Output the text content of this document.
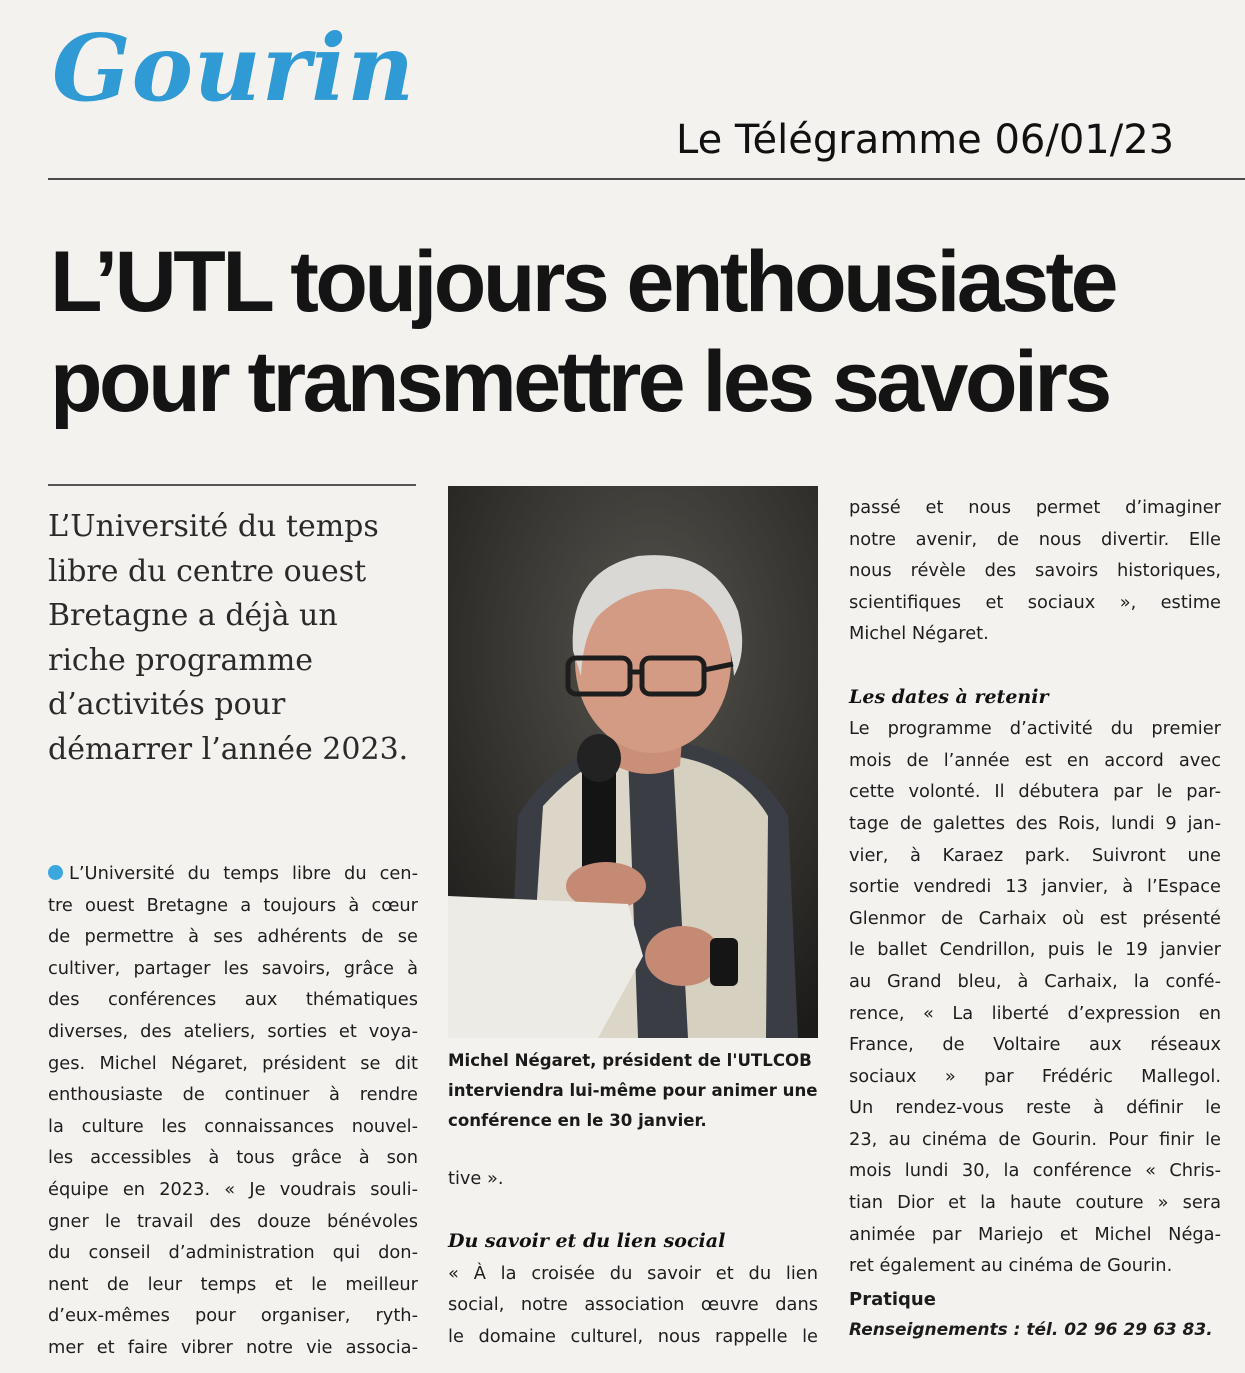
Gourin
Le Télégramme 06/01/23
L’UTL toujours enthousiaste
pour transmettre les savoirs
L’Université du temps
libre du centre ouest
Bretagne a déjà un
riche programme
d’activités pour
démarrer l’année 2023.
L’Université du temps libre du cen-
tre ouest Bretagne a toujours à cœur
de permettre à ses adhérents de se
cultiver, partager les savoirs, grâce à
des conférences aux thématiques
diverses, des ateliers, sorties et voya-
ges. Michel Négaret, président se dit
enthousiaste de continuer à rendre
la culture les connaissances nouvel-
les accessibles à tous grâce à son
équipe en 2023. « Je voudrais souli-
gner le travail des douze bénévoles
du conseil d’administration qui don-
nent de leur temps et le meilleur
d’eux-mêmes pour organiser, ryth-
mer et faire vibrer notre vie associa-
Michel Négaret, président de l'UTLCOB
interviendra lui-même pour animer une
conférence en le 30 janvier.
tive ».

Du savoir et du lien social
« À la croisée du savoir et du lien
social, notre association œuvre dans
le domaine culturel, nous rappelle le
passé et nous permet d’imaginer
notre avenir, de nous divertir. Elle
nous révèle des savoirs historiques,
scientifiques et sociaux », estime
Michel Négaret.

Les dates à retenir
Le programme d’activité du premier
mois de l’année est en accord avec
cette volonté. Il débutera par le par-
tage de galettes des Rois, lundi 9 jan-
vier, à Karaez park. Suivront une
sortie vendredi 13 janvier, à l’Espace
Glenmor de Carhaix où est présenté
le ballet Cendrillon, puis le 19 janvier
au Grand bleu, à Carhaix, la confé-
rence, « La liberté d’expression en
France, de Voltaire aux réseaux
sociaux » par Frédéric Mallegol.
Un rendez-vous reste à définir le
23, au cinéma de Gourin. Pour finir le
mois lundi 30, la conférence « Chris-
tian Dior et la haute couture » sera
animée par Mariejo et Michel Néga-
ret également au cinéma de Gourin.
Pratique
Renseignements : tél. 02 96 29 63 83.
